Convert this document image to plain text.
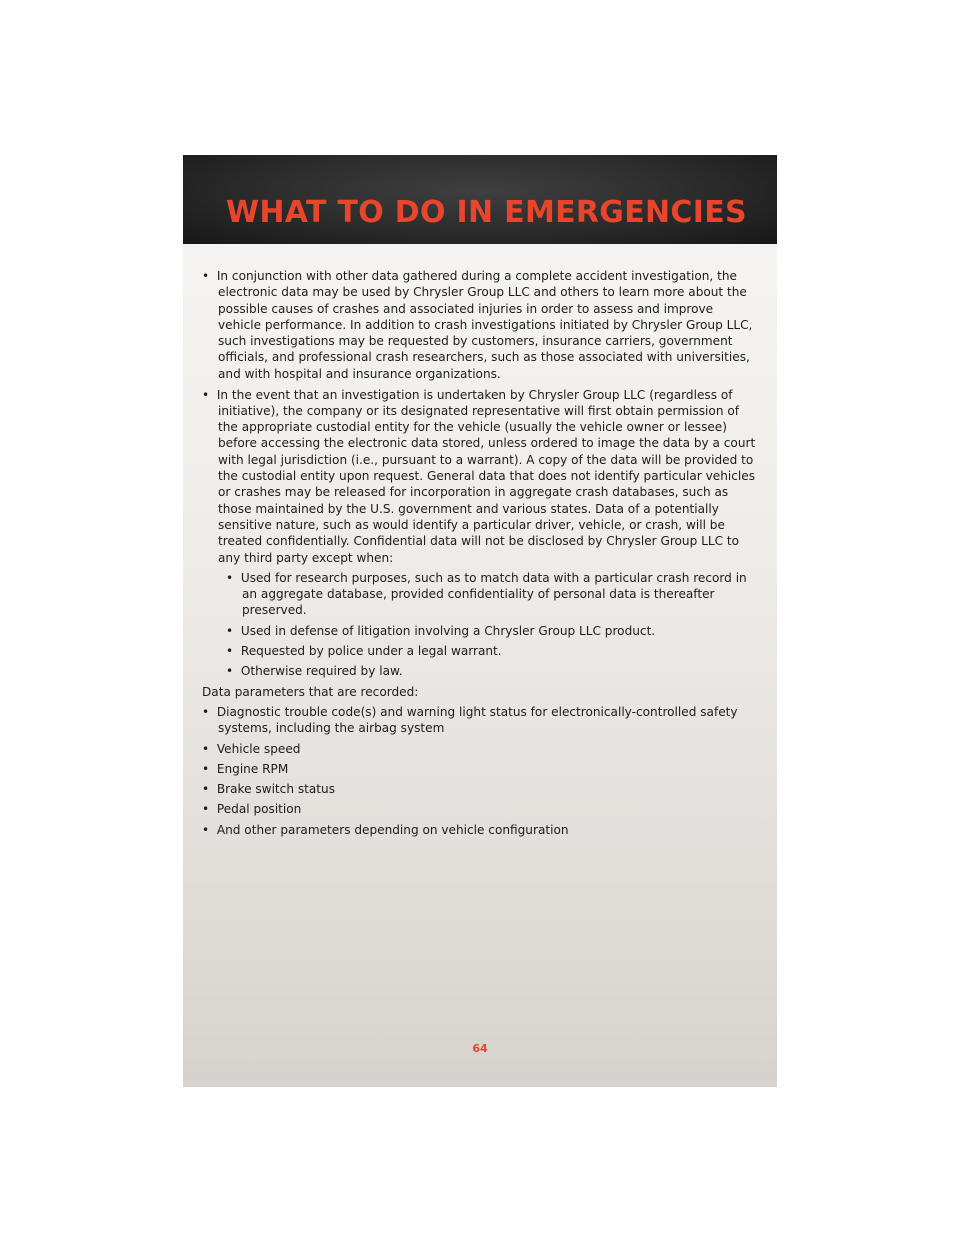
WHAT TO DO IN EMERGENCIES

• In conjunction with other data gathered during a complete accident investigation, the electronic data may be used by Chrysler Group LLC and others to learn more about the possible causes of crashes and associated injuries in order to assess and improve vehicle performance. In addition to crash investigations initiated by Chrysler Group LLC, such investigations may be requested by customers, insurance carriers, government officials, and professional crash researchers, such as those associated with universities, and with hospital and insurance organizations.

• In the event that an investigation is undertaken by Chrysler Group LLC (regardless of initiative), the company or its designated representative will first obtain permission of the appropriate custodial entity for the vehicle (usually the vehicle owner or lessee) before accessing the electronic data stored, unless ordered to image the data by a court with legal jurisdiction (i.e., pursuant to a warrant). A copy of the data will be provided to the custodial entity upon request. General data that does not identify particular vehicles or crashes may be released for incorporation in aggregate crash databases, such as those maintained by the U.S. government and various states. Data of a potentially sensitive nature, such as would identify a particular driver, vehicle, or crash, will be treated confidentially. Confidential data will not be disclosed by Chrysler Group LLC to any third party except when:

• Used for research purposes, such as to match data with a particular crash record in an aggregate database, provided confidentiality of personal data is thereafter preserved.

• Used in defense of litigation involving a Chrysler Group LLC product.

• Requested by police under a legal warrant.

• Otherwise required by law.

Data parameters that are recorded:

• Diagnostic trouble code(s) and warning light status for electronically-controlled safety systems, including the airbag system

• Vehicle speed

• Engine RPM

• Brake switch status

• Pedal position

• And other parameters depending on vehicle configuration

64
